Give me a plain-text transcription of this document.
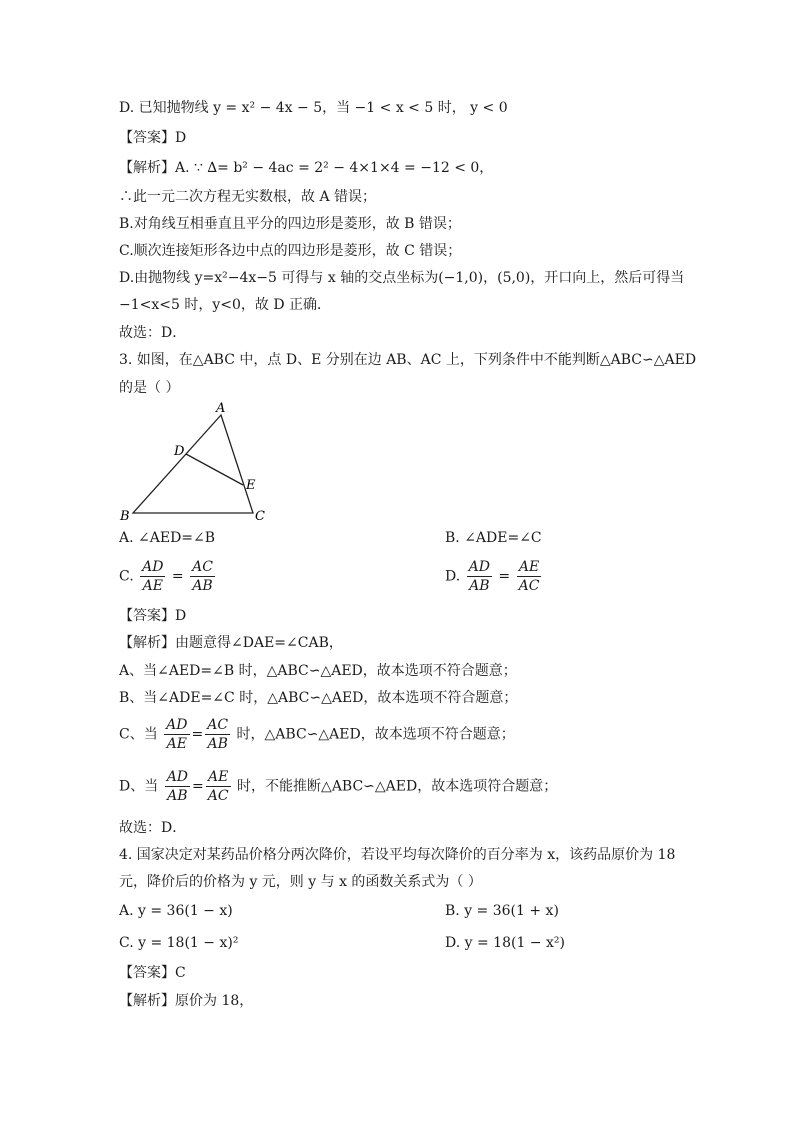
D. 已知抛物线 y = x² − 4x − 5，当 −1 < x < 5 时， y < 0
【答案】D
【解析】A. ∵ ∆= b² − 4ac = 2² − 4×1×4 = −12 < 0，
∴此一元二次方程无实数根，故 A 错误；
B.对角线互相垂直且平分的四边形是菱形，故 B 错误；
C.顺次连接矩形各边中点的四边形是菱形，故 C 错误；
D.由抛物线 y=x²−4x−5 可得与 x 轴的交点坐标为(−1,0)，(5,0)，开口向上，然后可得当
−1<x<5 时，y<0，故 D 正确．
故选：D．
3. 如图，在△ABC 中，点 D、E 分别在边 AB、AC 上，下列条件中不能判断△ABC∽△AED
的是（ ）
A
D
E
B	C
A. ∠AED=∠B	B. ∠ADE=∠C
C. $\frac{AD}{AE} = \frac{AC}{AB}$	D. $\frac{AD}{AB} = \frac{AE}{AC}$
【答案】D
【解析】由题意得∠DAE=∠CAB，
A、当∠AED=∠B 时，△ABC∽△AED，故本选项不符合题意；
B、当∠ADE=∠C 时，△ABC∽△AED，故本选项不符合题意；
C、当 $\frac{AD}{AE} = \frac{AC}{AB}$ 时，△ABC∽△AED，故本选项不符合题意；
D、当 $\frac{AD}{AB} = \frac{AE}{AC}$ 时，不能推断△ABC∽△AED，故本选项符合题意；
故选：D．
4. 国家决定对某药品价格分两次降价，若设平均每次降价的百分率为 x，该药品原价为 18
元，降价后的价格为 y 元，则 y 与 x 的函数关系式为（ ）
A. y = 36(1 − x)	B. y = 36(1 + x)
C. y = 18(1 − x)²	D. y = 18(1 − x²)
【答案】C
【解析】原价为 18，
